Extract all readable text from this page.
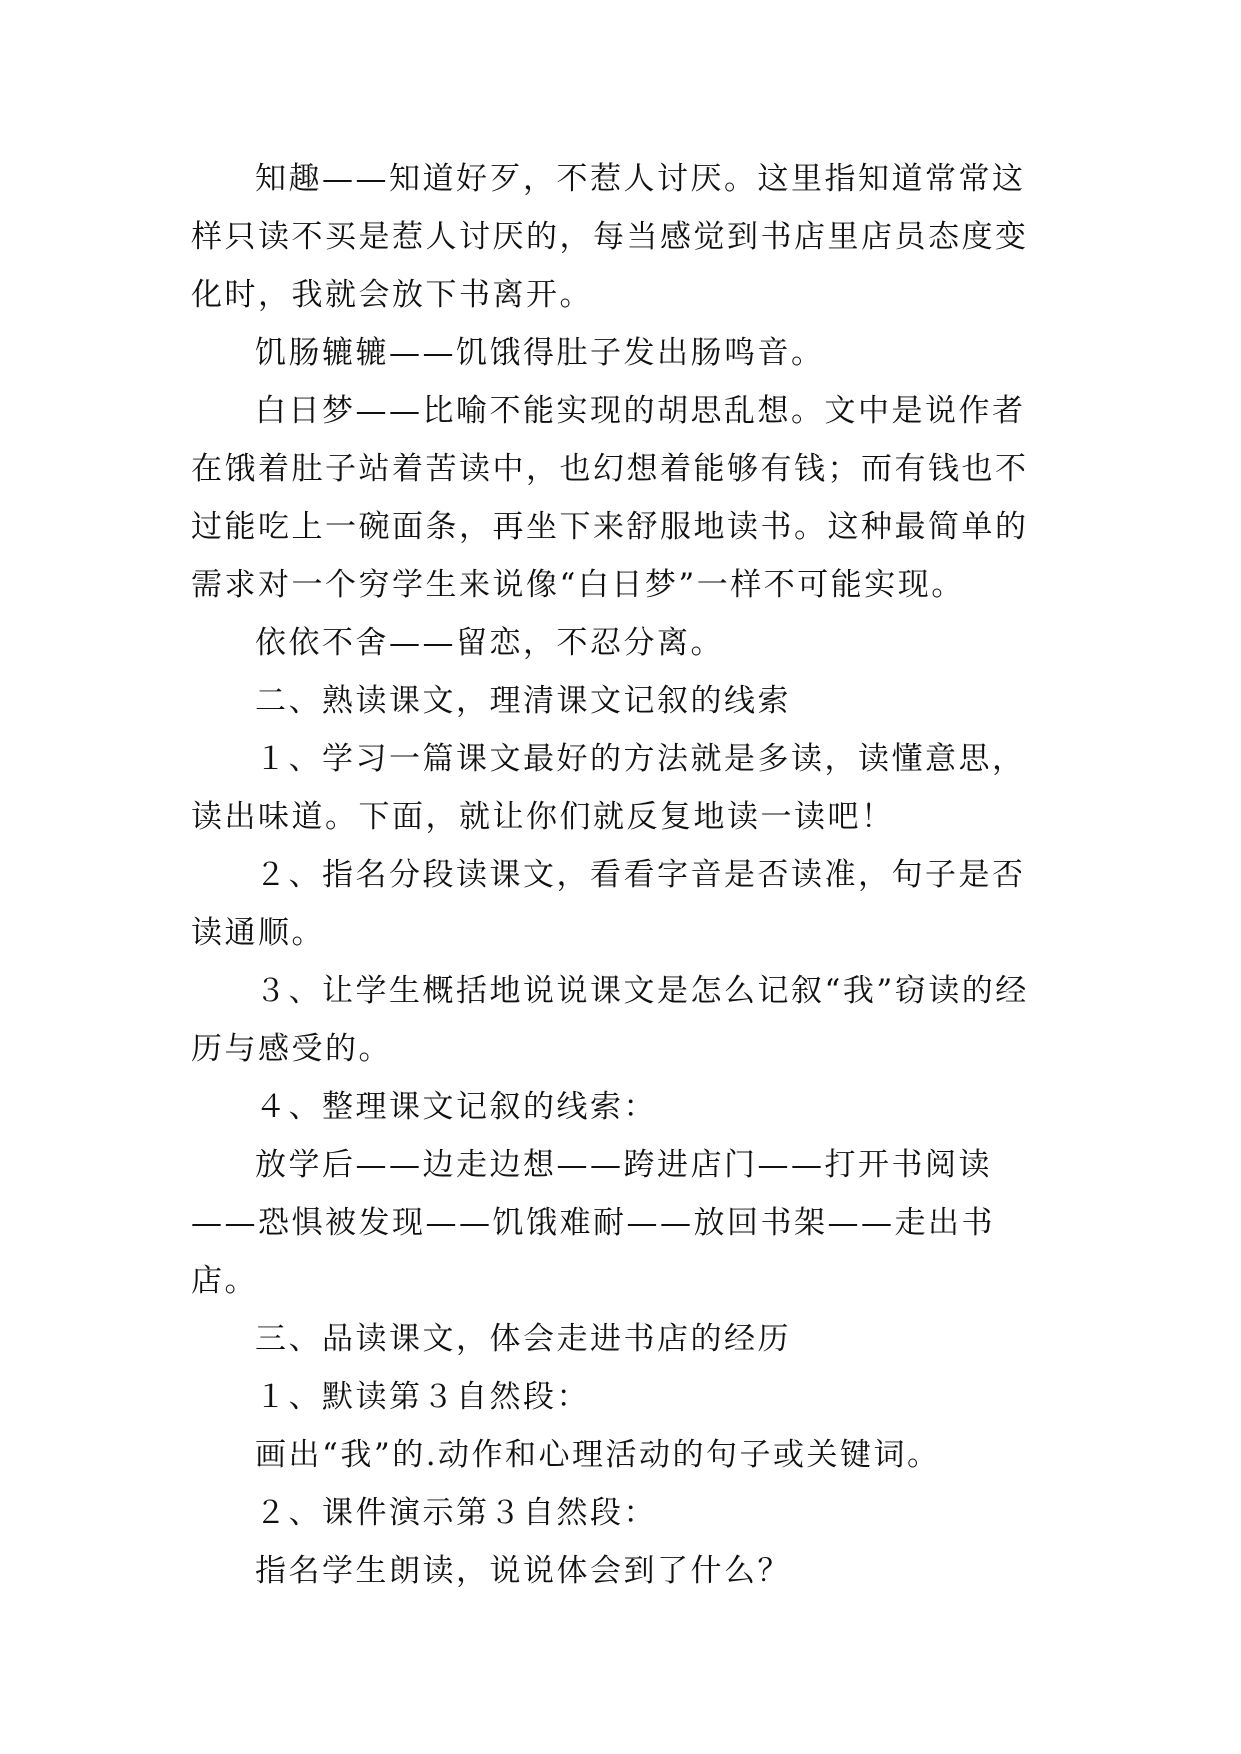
知趣——知道好歹，不惹人讨厌。这里指知道常常这样只读不买是惹人讨厌的，每当感觉到书店里店员态度变化时，我就会放下书离开。

饥肠辘辘——饥饿得肚子发出肠鸣音。

白日梦——比喻不能实现的胡思乱想。文中是说作者在饿着肚子站着苦读中，也幻想着能够有钱；而有钱也不过能吃上一碗面条，再坐下来舒服地读书。这种最简单的需求对一个穷学生来说像“白日梦”一样不可能实现。

依依不舍——留恋，不忍分离。

二、熟读课文，理清课文记叙的线索

１、学习一篇课文最好的方法就是多读，读懂意思，读出味道。下面，就让你们就反复地读一读吧！

２、指名分段读课文，看看字音是否读准，句子是否读通顺。

３、让学生概括地说说课文是怎么记叙“我”窃读的经历与感受的。

４、整理课文记叙的线索：

放学后——边走边想——跨进店门——打开书阅读——恐惧被发现——饥饿难耐——放回书架——走出书店。

三、品读课文，体会走进书店的经历

１、默读第３自然段：

画出“我”的.动作和心理活动的句子或关键词。

２、课件演示第３自然段：

指名学生朗读，说说体会到了什么？
